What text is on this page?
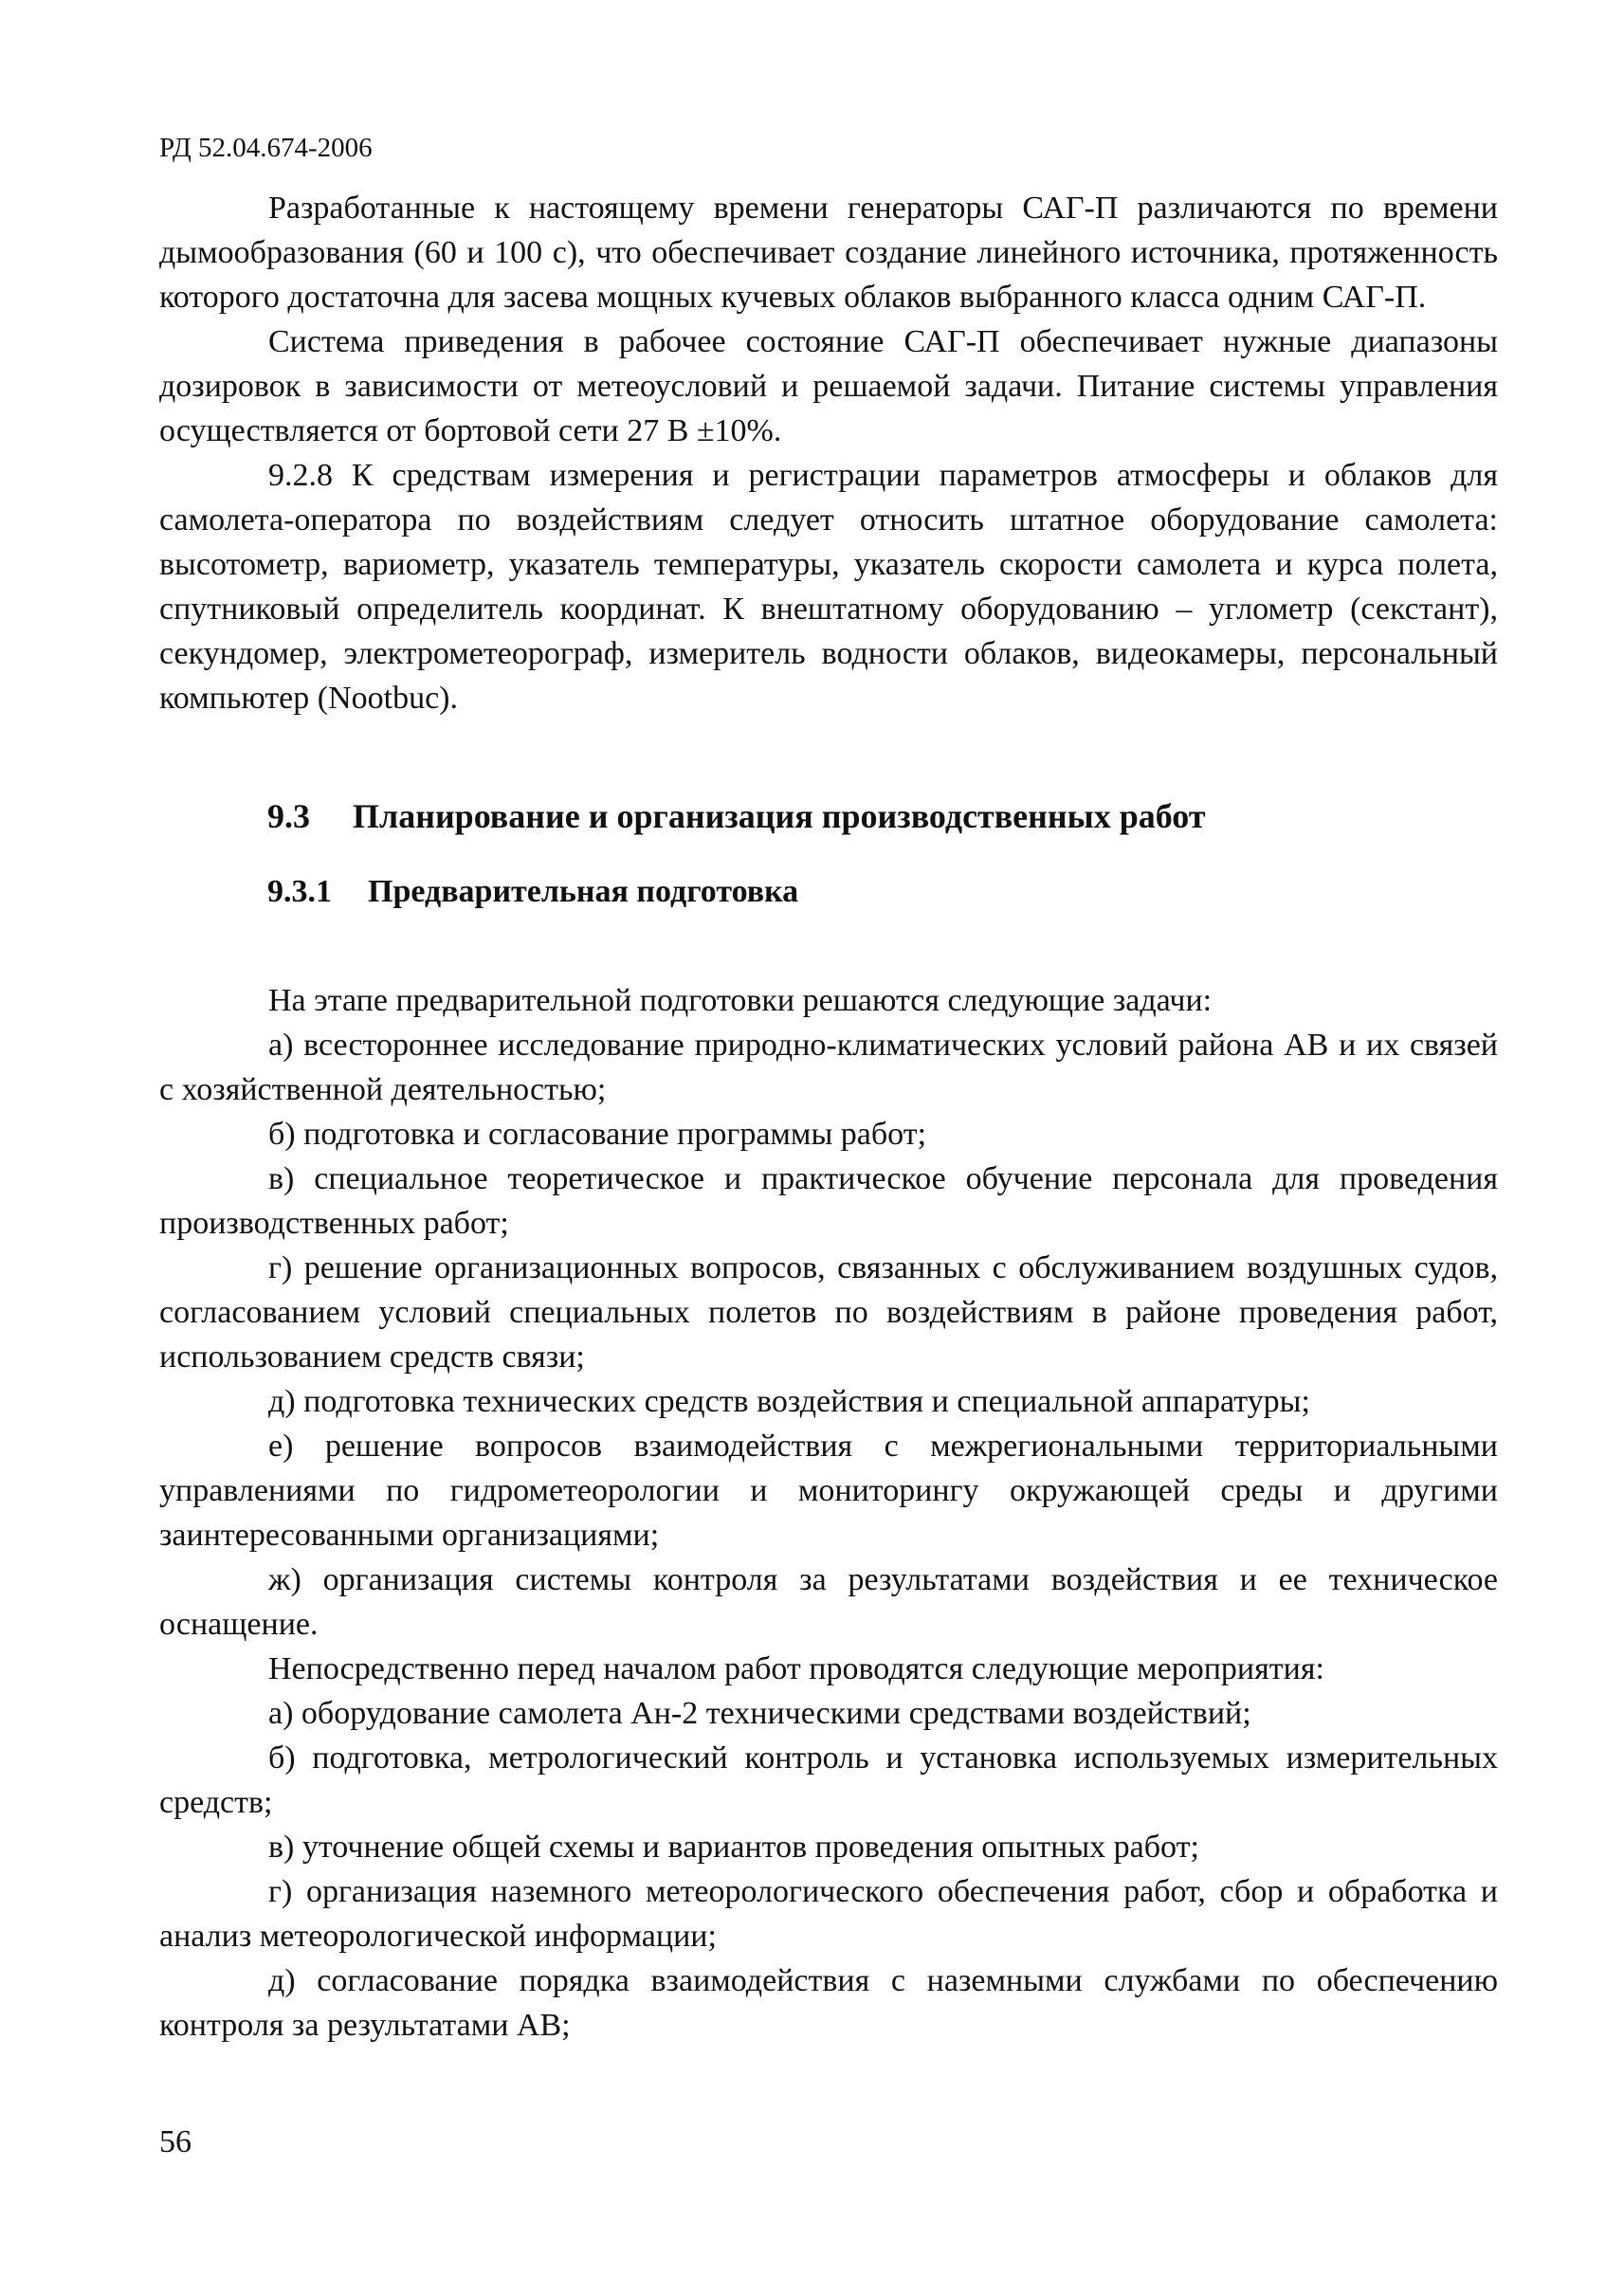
РД 52.04.674-2006

Разработанные к настоящему времени генераторы САГ-П различаются по времени дымообразования (60 и 100 с), что обеспечивает создание линейного источника, протяженность которого достаточна для засева мощных кучевых облаков выбранного класса одним САГ-П.

Система приведения в рабочее состояние САГ-П обеспечивает нужные диапазоны дозировок в зависимости от метеоусловий и решаемой задачи. Питание системы управления осуществляется от бортовой сети 27 В ±10%.

9.2.8 К средствам измерения и регистрации параметров атмосферы и облаков для самолета-оператора по воздействиям следует относить штатное оборудование самолета: высотометр, вариометр, указатель температуры, указатель скорости самолета и курса полета, спутниковый определитель координат. К внештатному оборудованию – углометр (секстант), секундомер, электрометеорограф, измеритель водности облаков, видеокамеры, персональный компьютер (Nootbuc).

9.3 Планирование и организация производственных работ
9.3.1 Предварительная подготовка

На этапе предварительной подготовки решаются следующие задачи:

а) всестороннее исследование природно-климатических условий района АВ и их связей с хозяйственной деятельностью;

б) подготовка и согласование программы работ;

в) специальное теоретическое и практическое обучение персонала для проведения производственных работ;

г) решение организационных вопросов, связанных с обслуживанием воздушных судов, согласованием условий специальных полетов по воздействиям в районе проведения работ, использованием средств связи;

д) подготовка технических средств воздействия и специальной аппаратуры;

е) решение вопросов взаимодействия с межрегиональными территориальными управлениями по гидрометеорологии и мониторингу окружающей среды и другими заинтересованными организациями;

ж) организация системы контроля за результатами воздействия и ее техническое оснащение.

Непосредственно перед началом работ проводятся следующие мероприятия:

а) оборудование самолета Ан-2 техническими средствами воздействий;

б) подготовка, метрологический контроль и установка используемых измерительных средств;

в) уточнение общей схемы и вариантов проведения опытных работ;

г) организация наземного метеорологического обеспечения работ, сбор и обработка и анализ метеорологической информации;

д) согласование порядка взаимодействия с наземными службами по обеспечению контроля за результатами АВ;

56
